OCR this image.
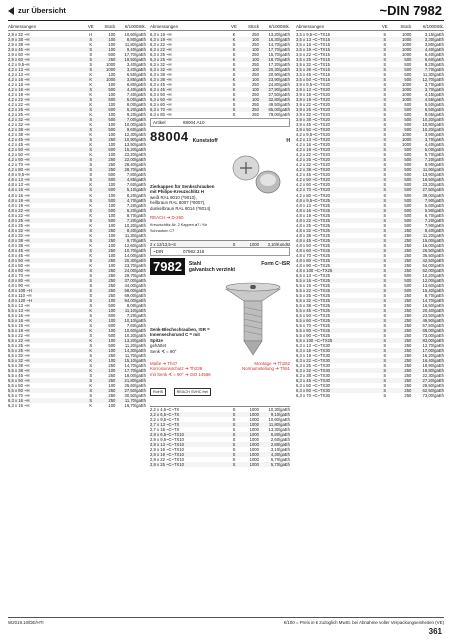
zur Übersicht	~DIN 7982
Abmessungen	VE	Stück	€/1000Stk.
2,9 x 32 ~H	H	100	10,60/gaEh
2,9 x 38 ~H	S	100	8,80/gaEh
2,9 x 38 ~H	K	100	11,80/gaEh
2,9 x 45 ~H	S	100	9,40/gaEh
2,9 x 50 ~H	S	500	17,70/gaEh
2,9 x 60 ~H	S	250	19,50/gaEh
4,2 x 9,5~H	S	1000	3,40/gaEh
4,2 x 13 ~H	S	1000	3,40/gaEh
4,2 x 13 ~H	K	100	6,50/gaEh
4,2 x 16 ~H	K	1000	3,85/gaEh
4,2 x 16 ~H	K	100	6,80/gaEh
4,2 x 16 ~H	S	500	4,40/gaEh
4,2 x 19 ~H	K	100	7,40/gaEh
4,2 x 22 ~H	S	500	5,00/gaEh
4,2 x 22 ~H	K	100	8,00/gaEh
4,2 x 25 ~H	S	500	6,20/gaEh
4,2 x 25 ~H	K	100	9,20/gaEh
4,2 x 32 ~H	S	500	7,00/gaEh
4,2 x 32 ~H	K	100	10,00/gaEh
4,2 x 38 ~H	S	500	9,60/gaEh
4,2 x 38 ~H	K	100	12,30/gaEh
4,2 x 45 ~H	S	250	10,90/gaEh
4,2 x 45 ~H	K	100	13,50/gaEh
4,2 x 50 ~H	S	500	15,20/gaEh
4,2 x 50 ~H	K	100	22,20/gaEh
4,2 x 60 ~H	S	250	22,00/gaEh
4,2 x 70 ~H	S	250	26,40/gaEh
4,2 x 80 ~H	S	250	28,70/gaEh
4,8 x 9,5~H	S	500	7,80/gaEh
4,8 x 13 ~H	S	500	4,85/gaEh
4,8 x 13 ~H	K	100	7,60/gaEh
4,8 x 16 ~H	S	500	5,10/gaEh
4,8 x 16 ~H	K	100	8,20/gaEh
4,8 x 19 ~H	S	500	4,70/gaEh
4,8 x 19 ~H	K	100	7,20/gaEh
4,8 x 22 ~H	S	500	6,20/gaEh
4,8 x 22 ~H	K	100	8,70/gaEh
4,8 x 25 ~H	S	500	7,20/gaEh
4,8 x 25 ~H	K	100	10,20/gaEh
4,8 x 32 ~H	S	250	8,40/gaEh
4,8 x 32 ~H	K	100	11,30/gaEh
4,8 x 38 ~H	S	250	9,70/gaEh
4,8 x 38 ~H	K	100	12,60/gaEh
4,8 x 45 ~H	S	250	10,70/gaEh
4,8 x 45 ~H	K	100	14,00/gaEh
4,8 x 50 ~H	S	250	20,30/gaEh
4,8 x 50 ~H	K	100	23,70/gaEh
4,8 x 60 ~H	S	250	24,00/gaEh
4,8 x 70 ~H	S	250	29,70/gaEh
4,8 x 80 ~H	S	250	37,00/gaEh
4,8 x 90 ~H	S	250	44,00/gaEh
4,8 x 100 ~H	S	250	58,00/gaEh
4,8 x 110 ~H	S	250	69,00/gaEh
4,8 x 120 ~H	S	100	94,00/gaEh
5,5 x 13 ~H	S	500	8,00/gaEh
5,5 x 13 ~H	K	100	11,10/gaEh
5,5 x 16 ~H	S	500	7,20/gaEh
5,5 x 16 ~H	K	100	10,10/gaEh
5,5 x 19 ~H	S	500	7,60/gaEh
5,5 x 19 ~H	K	100	10,60/gaEh
5,5 x 22 ~H	S	500	10,20/gaEh
5,5 x 22 ~H	K	100	13,20/gaEh
5,5 x 25 ~H	S	500	11,20/gaEh
5,5 x 25 ~H	K	100	14,30/gaEh
5,5 x 32 ~H	S	250	11,70/gaEh
5,5 x 32 ~H	K	100	15,10/gaEh
5,5 x 38 ~H	S	250	14,70/gaEh
5,5 x 38 ~H	K	100	17,70/gaEh
5,5 x 45 ~H	S	250	18,00/gaEh
5,5 x 50 ~H	S	250	21,80/gaEh
5,5 x 50 ~H	K	100	25,60/gaEh
5,5 x 60 ~H	S	250	27,50/gaEh
5,5 x 70 ~H	S	250	30,50/gaEh
6,3 x 16 ~H	S	250	11,70/gaEh
6,3 x 16 ~H	K	100	16,70/gaEh
Abmessungen	VE	Stück	€/1000Stk.
6,3 x 19 ~H	K	250	13,20/gaEh
6,3 x 19 ~H	K	100	16,30/gaEh
6,3 x 22 ~H	S	250	14,70/gaEh
6,3 x 22 ~H	K	100	17,70/gaEh
6,3 x 25 ~H	S	250	15,70/gaEh
6,3 x 25 ~H	K	100	18,70/gaEh
6,3 x 32 ~H	S	250	17,20/gaEh
6,3 x 32 ~H	K	100	20,30/gaEh
6,3 x 38 ~H	S	250	20,90/gaEh
6,3 x 38 ~H	K	100	23,90/gaEh
6,3 x 45 ~H	S	250	24,80/gaEh
6,3 x 45 ~H	K	100	27,90/gaEh
6,3 x 50 ~H	S	250	27,50/gaEh
6,3 x 50 ~H	K	100	32,80/gaEh
6,3 x 60 ~H	S	250	49,50/gaEh
6,3 x 70 ~H	S	250	65,00/gaEh
6,3 x 80 ~H	S	250	79,00/gaEh
Artikel	88004 A10
88004 Kunststoff	H
Zierkappen für Senkschrauben mit Philips-Kreuzschlitz H
weiß RAL 9010 (*9010),
hellbraun RAL 8007 (*8007),
dunkelbraun RAL 8014 (*8014)
REACH ➔ D-260
Kreuzschlitz-Nr. 2 Kappen ø7 / für Schrauben C7
2 x 12/13,5~S	S	1000	3,10/Kundst
~DIN	07982.316
7982	Stahl	Form C~ISR
galvanisch verzinkt
Senk-Blechschrauben, ISR = Innensechsrund C = mit Spitze
gehärtet
Senk ∢ = 90°
Maße ➔ Th47	Montage ➔ Th252
Korrosionsschutz ➔ Th238	Normumstellung ➔ Th51
mit Senk ∢ = 90° ➔ ISO 14586
RoHS	REACH SVHC frei
2,2 x 4,5~C~TX	S	1000	10,30/gaEh
2,2 x 6,5~C~TX	S	1000	9,10/gaEh
2,2 x 9,5~C~TX	S	1000	10,60/gaEh
2,7 x 13 ~C~TX	S	1000	11,80/gaEh
2,7 x 16 ~C~TX	S	1000	13,30/gaEh
2,9 x 6,5~C~TX10	S	1000	6,80/gaEh
2,9 x 9,5~C~TX10	S	1000	2,60/gaEh
2,9 x 13 ~C~TX10	S	1000	2,80/gaEh
2,9 x 16 ~C~TX10	S	1000	3,10/gaEh
2,9 x 19 ~C~TX10	S	1000	4,30/gaEh
2,9 x 22 ~C~TX10	S	1000	5,70/gaEh
2,9 x 25 ~C~TX10	S	1000	5,70/gaEh
Abmessungen	VE	Stück	€/1000Stk.
3,5 x 9,5~C~TX15	S	1000	3,15/gaEh
3,5 x 13 ~C~TX15	S	1000	3,30/gaEh
3,5 x 16 ~C~TX15	S	1000	3,80/gaEh
3,5 x 19 ~C~TX15	S	1000	4,40/gaEh
3,5 x 22 ~C~TX15	S	1000	5,40/gaEh
3,5 x 25 ~C~TX15	S	500	6,60/gaEh
3,5 x 32 ~C~TX15	S	500	8,20/gaEh
3,5 x 38 ~C~TX15	S	500	7,70/gaEh
3,5 x 45 ~C~TX15	S	500	11,30/gaEh
3,5 x 50 ~C~TX15	S	500	12,70/gaEh
3,9 x 9,5~C~TX20	S	1000	3,70/gaEh
3,9 x 13 ~C~TX20	S	1000	3,70/gaEh
3,9 x 16 ~C~TX20	S	1000	4,15/gaEh
3,9 x 19 ~C~TX20	S	1000	4,55/gaEh
3,9 x 22 ~C~TX20	S	500	5,50/gaEh
3,9 x 25 ~C~TX20	S	500	6,50/gaEh
3,9 x 32 ~C~TX20	S	500	8,65/gaEh
3,9 x 38 ~C~TX20	S	500	10,20/gaEh
3,9 x 45 ~C~TX20	S	500	10,80/gaEh
3,9 x 50 ~C~TX20	S	500	10,20/gaEh
4,2 x 9,5~C~TX20	S	1000	3,90/gaEh
4,2 x 13 ~C~TX20	S	1000	3,70/gaEh
4,2 x 16 ~C~TX20	S	1000	4,40/gaEh
4,2 x 19 ~C~TX20	S	500	5,00/gaEh
4,2 x 22 ~C~TX20	S	500	5,70/gaEh
4,2 x 25 ~C~TX20	S	500	7,20/gaEh
4,2 x 32 ~C~TX20	S	500	8,90/gaEh
4,2 x 38 ~C~TX20	S	500	11,90/gaEh
4,2 x 45 ~C~TX20	S	500	13,90/gaEh
4,2 x 50 ~C~TX20	S	500	16,50/gaEh
4,2 x 60 ~C~TX20	S	500	23,20/gaEh
4,2 x 70 ~C~TX20	S	500	27,50/gaEh
4,2 x 80 ~C~TX20	S	500	39,00/gaEh
4,8 x 9,5~C~TX25	S	500	7,90/gaEh
4,8 x 13 ~C~TX25	S	500	5,60/gaEh
4,8 x 16 ~C~TX25	S	500	5,90/gaEh
4,8 x 19 ~C~TX25	S	500	6,70/gaEh
4,8 x 22 ~C~TX25	S	500	7,20/gaEh
4,8 x 25 ~C~TX25	S	500	7,90/gaEh
4,8 x 32 ~C~TX25	S	250	8,40/gaEh
4,8 x 38 ~C~TX25	S	250	11,20/gaEh
4,8 x 45 ~C~TX25	S	250	15,00/gaEh
4,8 x 50 ~C~TX25	S	250	16,00/gaEh
4,8 x 60 ~C~TX25	S	250	26,50/gaEh
4,8 x 70 ~C~TX25	S	250	35,50/gaEh
4,8 x 80 ~C~TX25	S	250	42,50/gaEh
4,8 x 90 ~C~TX25	S	250	54,00/gaEh
4,8 x 100 ~C~TX25	S	250	62,00/gaEh
5,5 x 13 ~C~TX25	S	500	10,20/gaEh
5,5 x 16 ~C~TX25	S	500	12,00/gaEh
5,5 x 19 ~C~TX25	S	500	13,60/gaEh
5,5 x 22 ~C~TX25	S	500	15,40/gaEh
5,5 x 25 ~C~TX25	S	250	8,70/gaEh
5,5 x 32 ~C~TX25	S	250	14,70/gaEh
5,5 x 38 ~C~TX25	S	250	16,50/gaEh
5,5 x 45 ~C~TX25	S	250	20,40/gaEh
5,5 x 50 ~C~TX25	S	250	23,50/gaEh
5,5 x 60 ~C~TX25	S	250	49,50/gaEh
5,5 x 70 ~C~TX25	S	250	57,50/gaEh
5,5 x 80 ~C~TX25	S	250	68,00/gaEh
5,5 x 90 ~C~TX25	S	250	73,00/gaEh
5,5 x 100 ~C~TX25	S	250	83,00/gaEh
6,3 x 13 ~C~TX30	S	250	12,70/gaEh
6,3 x 16 ~C~TX30	S	250	17,00/gaEh
6,3 x 19 ~C~TX30	S	250	16,20/gaEh
6,3 x 22 ~C~TX30	S	250	16,40/gaEh
6,3 x 25 ~C~TX30	S	250	18,90/gaEh
6,3 x 32 ~C~TX30	S	250	19,80/gaEh
6,3 x 38 ~C~TX30	S	250	22,30/gaEh
6,3 x 45 ~C~TX30	S	250	27,20/gaEh
6,3 x 50 ~C~TX30	S	250	29,50/gaEh
6,3 x 60 ~C~TX30	S	250	62,50/gaEh
6,3 x 70 ~C~TX30	S	250	73,00/gaEh
W2019.10/DE/HTI	€/100 = Preis in € zuzüglich MwSt. bei Abnahme voller Verpackungseinheiten (VE)
361
